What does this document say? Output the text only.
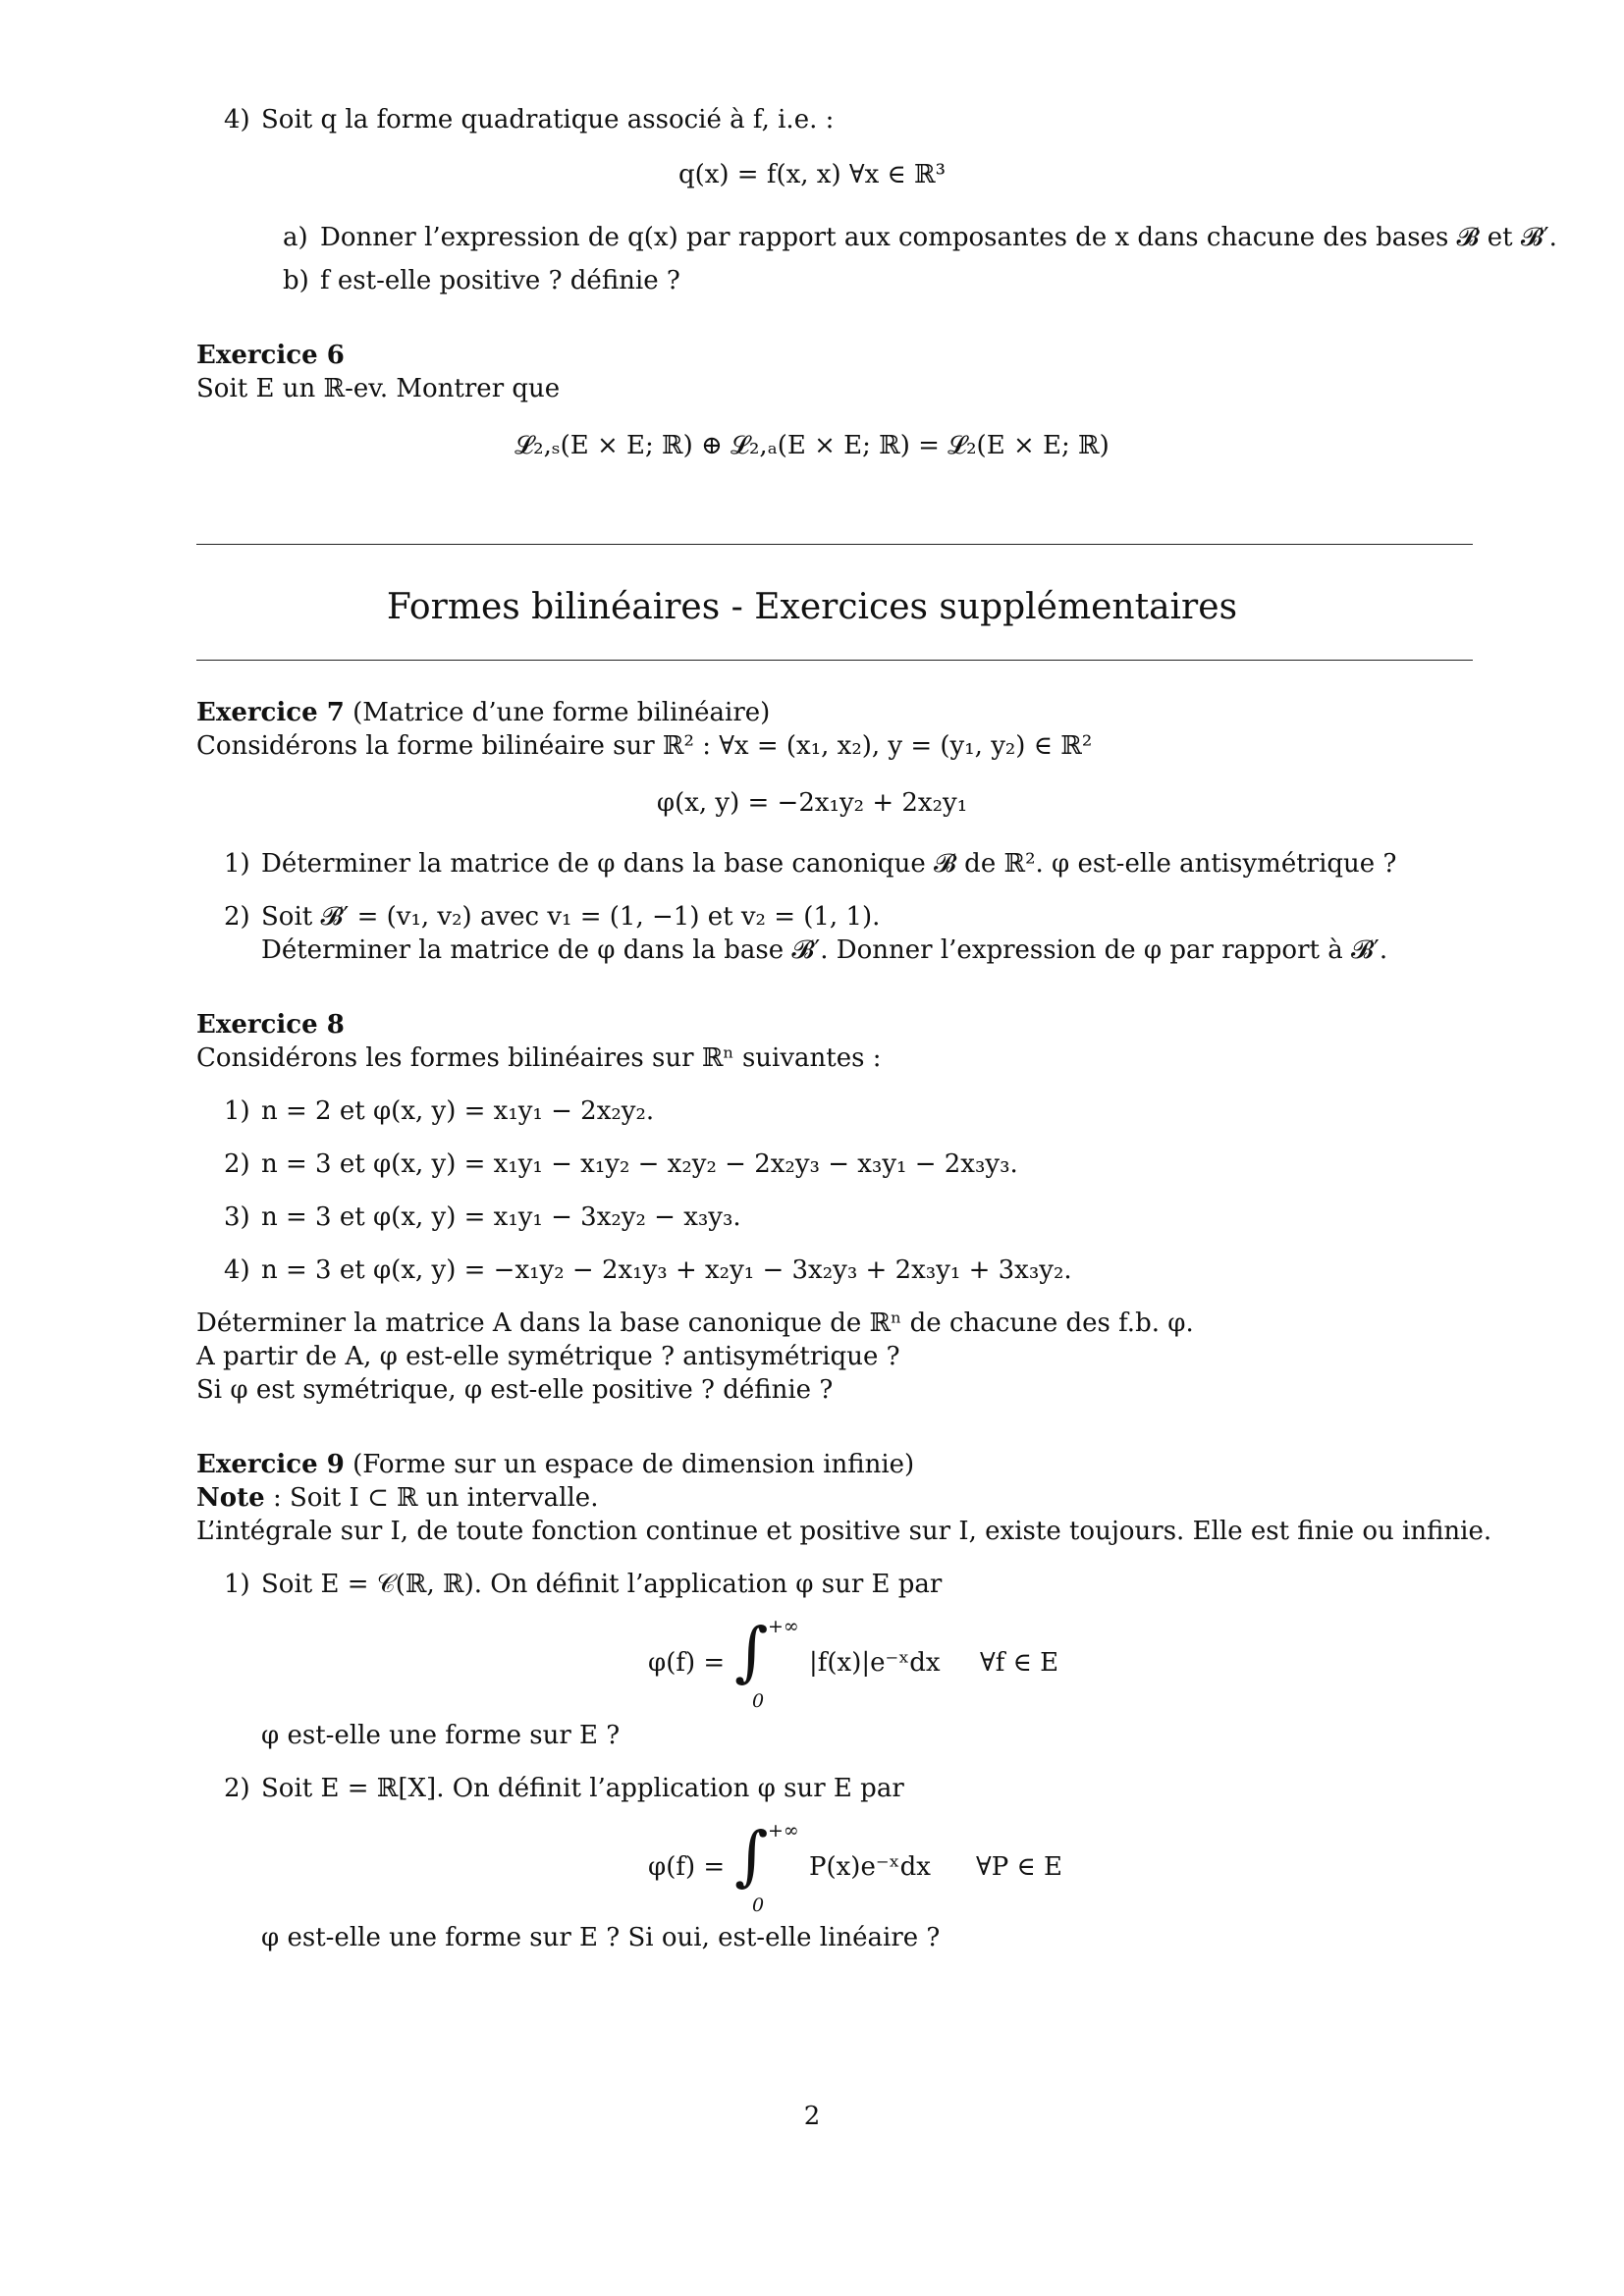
4) Soit q la forme quadratique associé à f, i.e. :
q(x) = f(x, x) ∀x ∈ ℝ³
a) Donner l’expression de q(x) par rapport aux composantes de x dans chacune des bases 𝓑 et 𝓑′.
b) f est-elle positive ? définie ?
Exercice 6
Soit E un ℝ-ev. Montrer que
𝓛₂,ₛ(E × E; ℝ) ⊕ 𝓛₂,ₐ(E × E; ℝ) = 𝓛₂(E × E; ℝ)
Formes bilinéaires - Exercices supplémentaires
Exercice 7 (Matrice d’une forme bilinéaire)
Considérons la forme bilinéaire sur ℝ² : ∀x = (x₁, x₂), y = (y₁, y₂) ∈ ℝ²
φ(x, y) = −2x₁y₂ + 2x₂y₁
1) Déterminer la matrice de φ dans la base canonique 𝓑 de ℝ². φ est-elle antisymétrique ?
2) Soit 𝓑′ = (v₁, v₂) avec v₁ = (1, −1) et v₂ = (1, 1).
Déterminer la matrice de φ dans la base 𝓑′. Donner l’expression de φ par rapport à 𝓑′.
Exercice 8
Considérons les formes bilinéaires sur ℝⁿ suivantes :
1) n = 2 et φ(x, y) = x₁y₁ − 2x₂y₂.
2) n = 3 et φ(x, y) = x₁y₁ − x₁y₂ − x₂y₂ − 2x₂y₃ − x₃y₁ − 2x₃y₃.
3) n = 3 et φ(x, y) = x₁y₁ − 3x₂y₂ − x₃y₃.
4) n = 3 et φ(x, y) = −x₁y₂ − 2x₁y₃ + x₂y₁ − 3x₂y₃ + 2x₃y₁ + 3x₃y₂.
Déterminer la matrice A dans la base canonique de ℝⁿ de chacune des f.b. φ.
A partir de A, φ est-elle symétrique ? antisymétrique ?
Si φ est symétrique, φ est-elle positive ? définie ?
Exercice 9 (Forme sur un espace de dimension infinie)
Note : Soit I ⊂ ℝ un intervalle.
L’intégrale sur I, de toute fonction continue et positive sur I, existe toujours. Elle est finie ou infinie.
1) Soit E = 𝒞(ℝ, ℝ). On définit l’application φ sur E par
φ(f) = ∫ +∞
0
|f(x)|e⁻ˣdx ∀f ∈ E
φ est-elle une forme sur E ?
2) Soit E = ℝ[X]. On définit l’application φ sur E par
φ(f) = ∫ +∞
0
P(x)e⁻ˣdx ∀P ∈ E
φ est-elle une forme sur E ? Si oui, est-elle linéaire ?
2
